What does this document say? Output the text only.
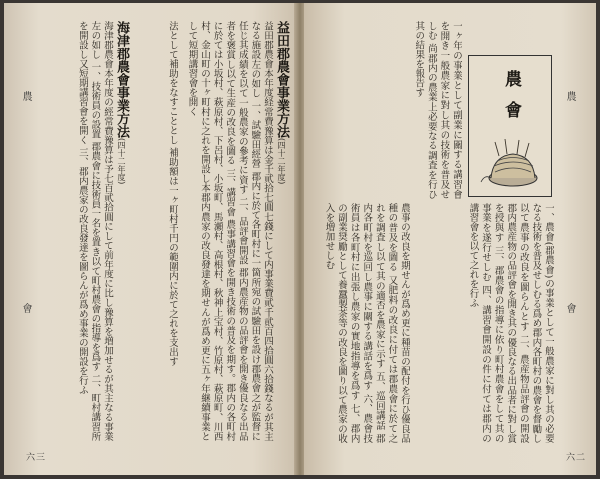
農
會
益田郡農會事業方法(四十二年度)
益田郡農會本年度経常費豫算は金千貮拾七圓七錢にして内事業費貮千貮百四拾圓六拾錢なるが其主なる施設左の如し 一、試驗田經營 郡内に於て各町村に一箇所宛の試驗田を設け郡農會之が監督に任じ其成績を以て一般農家の參考に資す 二、品評會開設 郡内農産物の品評會を開き優良なる出品者を褒賞し以て生産の改良を圖る 三、講習會 農事講習會を開き技術の普及を期す。郡内の各町村に於ては小坂村、萩原村、下呂村、小坂町、馬瀬村、高根村、秋神上宝村、竹原村、萩原町、川西村、金山町の十ヶ町村に之れを開設し本郡内農家の改良發達を期せんが爲め更に五ヶ年継續事業として短期講習會を開く
法として補助をなすこととし 補助額は一ヶ町村千円の範圍内に於て之れを支出す
海津郡農會事業方法(四十二年度)
海津郡農會本年度の經常費豫算は予七百貮拾圓にして前年度に比し豫算を増加せるが其主なる事業左の如し 一、技術員の設置 郡農會に技術員一名を置き以て町村農會の指導を爲す 二、町村講習所を開設し又短期講習會を開く 三、郡内農家の改良發達を圖らんが爲め事業の開設を行ふ
六三
農
會
農會
一、農會(郡農會)の事業として一般農家に對し其の必要なる技術を普及せしむる爲め郡内各町村の農會を督勵し以て農事の改良を圖らんとす 二、農産物品評會の開設 郡内農産物の品評會を開き其の優良なる出品者に對し賞を授與す 三、郡農會の指導に依り町村農會をして其の事業を遂行せしむ 四、講習會開設の件に付ては郡内の講習會を以て之れを行ふ
一ヶ年の事業として副業に關する講習會を開き一般農家に對し其の技術を普及せしむ 尚郡内の農業上必要なる調査を行ひ其の結果を報告す
農事の改良を期せんが爲め更に種苗の配付を行ひ優良品種の普及を圖る 又肥料の改良に付ては郡農會に於て之れを調査し以て其の適否を農家に示す 五、巡回講話 郡内各町村を巡回し農事に關する講話を爲す 六、農會技術員は各町村に出張し農家の實地指導を爲す 七、郡内の副業奨勵として養蠶製茶等の改良を圖り以て農家の收入を増加せしむ
六二
